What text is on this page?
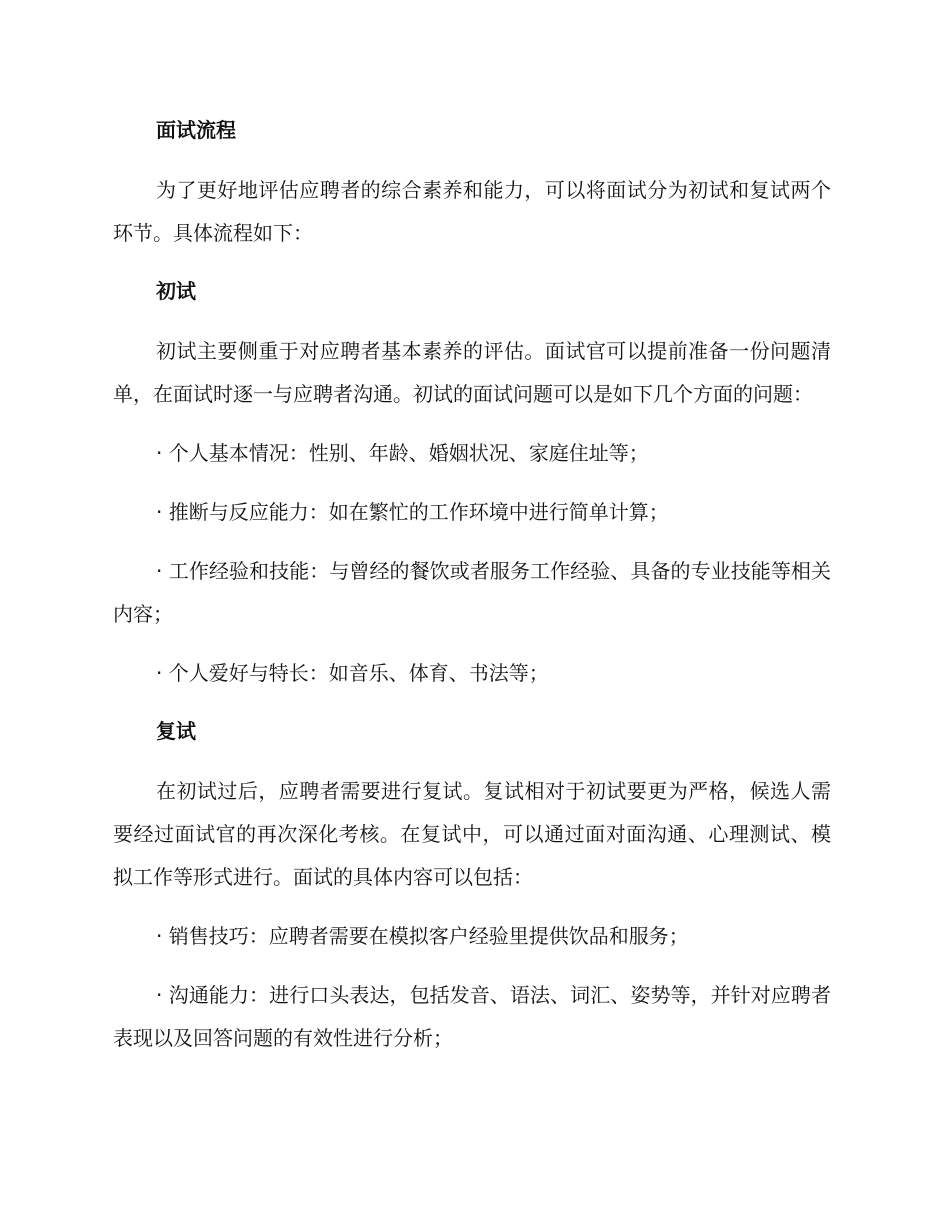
面试流程

为了更好地评估应聘者的综合素养和能力，可以将面试分为初试和复试两个环节。具体流程如下：

初试

初试主要侧重于对应聘者基本素养的评估。面试官可以提前准备一份问题清单，在面试时逐一与应聘者沟通。初试的面试问题可以是如下几个方面的问题：

· 个人基本情况：性别、年龄、婚姻状况、家庭住址等；

· 推断与反应能力：如在繁忙的工作环境中进行简单计算；

· 工作经验和技能：与曾经的餐饮或者服务工作经验、具备的专业技能等相关内容；

· 个人爱好与特长：如音乐、体育、书法等；

复试

在初试过后，应聘者需要进行复试。复试相对于初试要更为严格，候选人需要经过面试官的再次深化考核。在复试中，可以通过面对面沟通、心理测试、模拟工作等形式进行。面试的具体内容可以包括：

· 销售技巧：应聘者需要在模拟客户经验里提供饮品和服务；

· 沟通能力：进行口头表达，包括发音、语法、词汇、姿势等，并针对应聘者表现以及回答问题的有效性进行分析；
